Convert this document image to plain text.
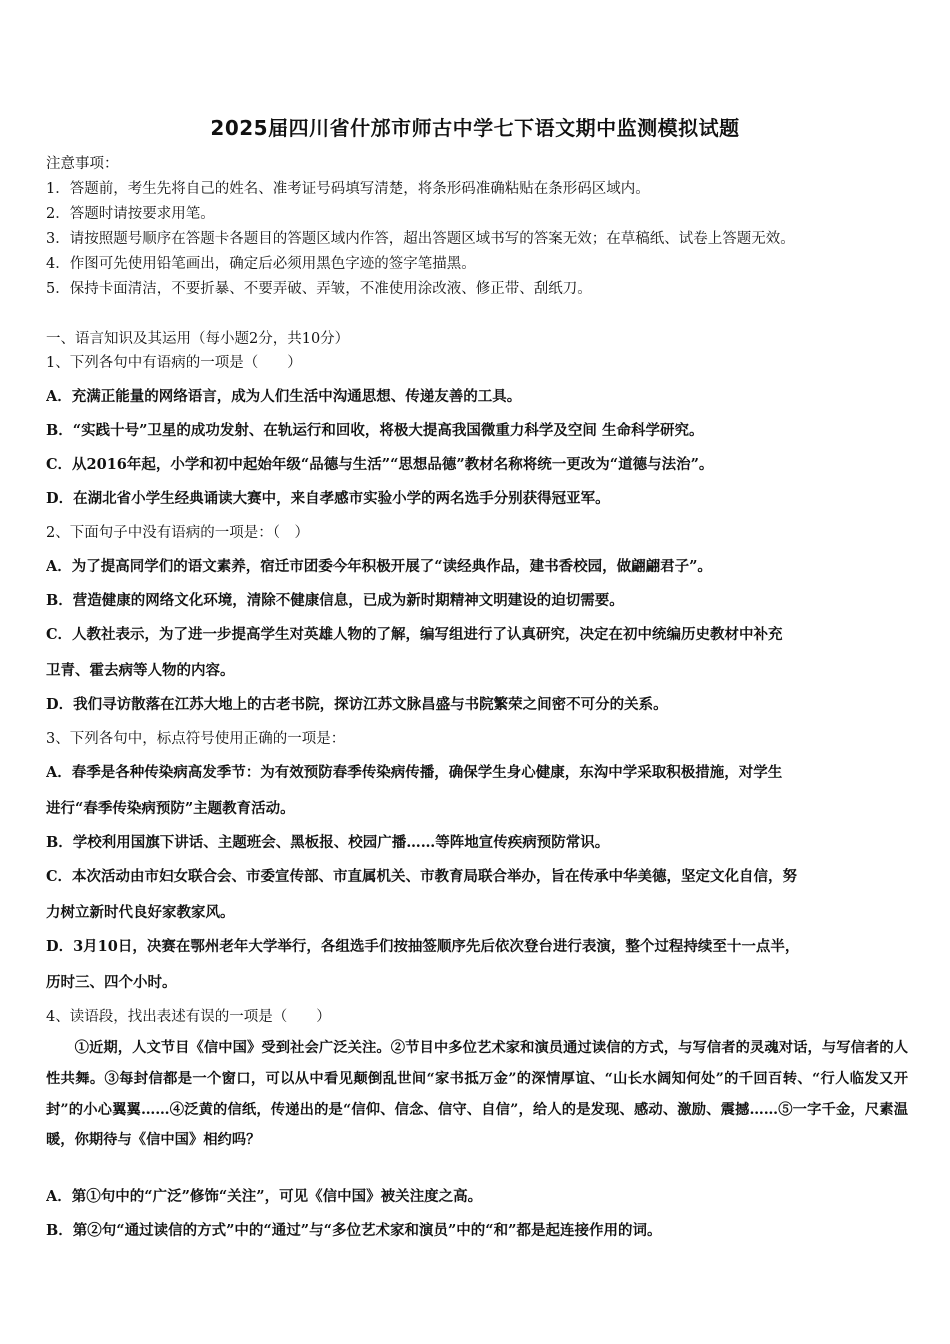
2025届四川省什邡市师古中学七下语文期中监测模拟试题
注意事项：
1．答题前，考生先将自己的姓名、准考证号码填写清楚，将条形码准确粘贴在条形码区域内。
2．答题时请按要求用笔。
3．请按照题号顺序在答题卡各题目的答题区域内作答，超出答题区域书写的答案无效；在草稿纸、试卷上答题无效。
4．作图可先使用铅笔画出，确定后必须用黑色字迹的签字笔描黑。
5．保持卡面清洁，不要折暴、不要弄破、弄皱，不准使用涂改液、修正带、刮纸刀。
一、语言知识及其运用（每小题2分，共10分）
1、下列各句中有语病的一项是（　　）
A．充满正能量的网络语言，成为人们生活中沟通思想、传递友善的工具。
B．“实践十号”卫星的成功发射、在轨运行和回收，将极大提高我国微重力科学及空间 生命科学研究。
C．从2016年起，小学和初中起始年级“品德与生活”“思想品德”教材名称将统一更改为“道德与法治”。
D．在湖北省小学生经典诵读大赛中，来自孝感市实验小学的两名选手分别获得冠亚军。
2、下面句子中没有语病的一项是：（　）
A．为了提高同学们的语文素养，宿迁市团委今年积极开展了“读经典作品，建书香校园，做翩翩君子”。
B．营造健康的网络文化环境，清除不健康信息，已成为新时期精神文明建设的迫切需要。
C．人教社表示，为了进一步提高学生对英雄人物的了解，编写组进行了认真研究，决定在初中统编历史教材中补充
卫青、霍去病等人物的内容。
D．我们寻访散落在江苏大地上的古老书院，探访江苏文脉昌盛与书院繁荣之间密不可分的关系。
3、下列各句中，标点符号使用正确的一项是：
A．春季是各种传染病高发季节：为有效预防春季传染病传播，确保学生身心健康，东沟中学采取积极措施，对学生
进行“春季传染病预防”主题教育活动。
B．学校利用国旗下讲话、主题班会、黑板报、校园广播……等阵地宣传疾病预防常识。
C．本次活动由市妇女联合会、市委宣传部、市直属机关、市教育局联合举办，旨在传承中华美德，坚定文化自信，努
力树立新时代良好家教家风。
D．3月10日，决赛在鄂州老年大学举行，各组选手们按抽签顺序先后依次登台进行表演，整个过程持续至十一点半，
历时三、四个小时。
4、读语段，找出表述有误的一项是（　　）
①近期，人文节目《信中国》受到社会广泛关注。②节目中多位艺术家和演员通过读信的方式，与写信者的灵魂对话，与写信者的人性共舞。③每封信都是一个窗口，可以从中看见颠倒乱世间“家书抵万金”的深情厚谊、“山长水阔知何处”的千回百转、“行人临发又开封”的小心翼翼……④泛黄的信纸，传递出的是“信仰、信念、信守、自信”，给人的是发现、感动、激励、震撼……⑤一字千金，尺素温暖，你期待与《信中国》相约吗？
A．第①句中的“广泛”修饰“关注”，可见《信中国》被关注度之高。
B．第②句“通过读信的方式”中的“通过”与“多位艺术家和演员”中的“和”都是起连接作用的词。
